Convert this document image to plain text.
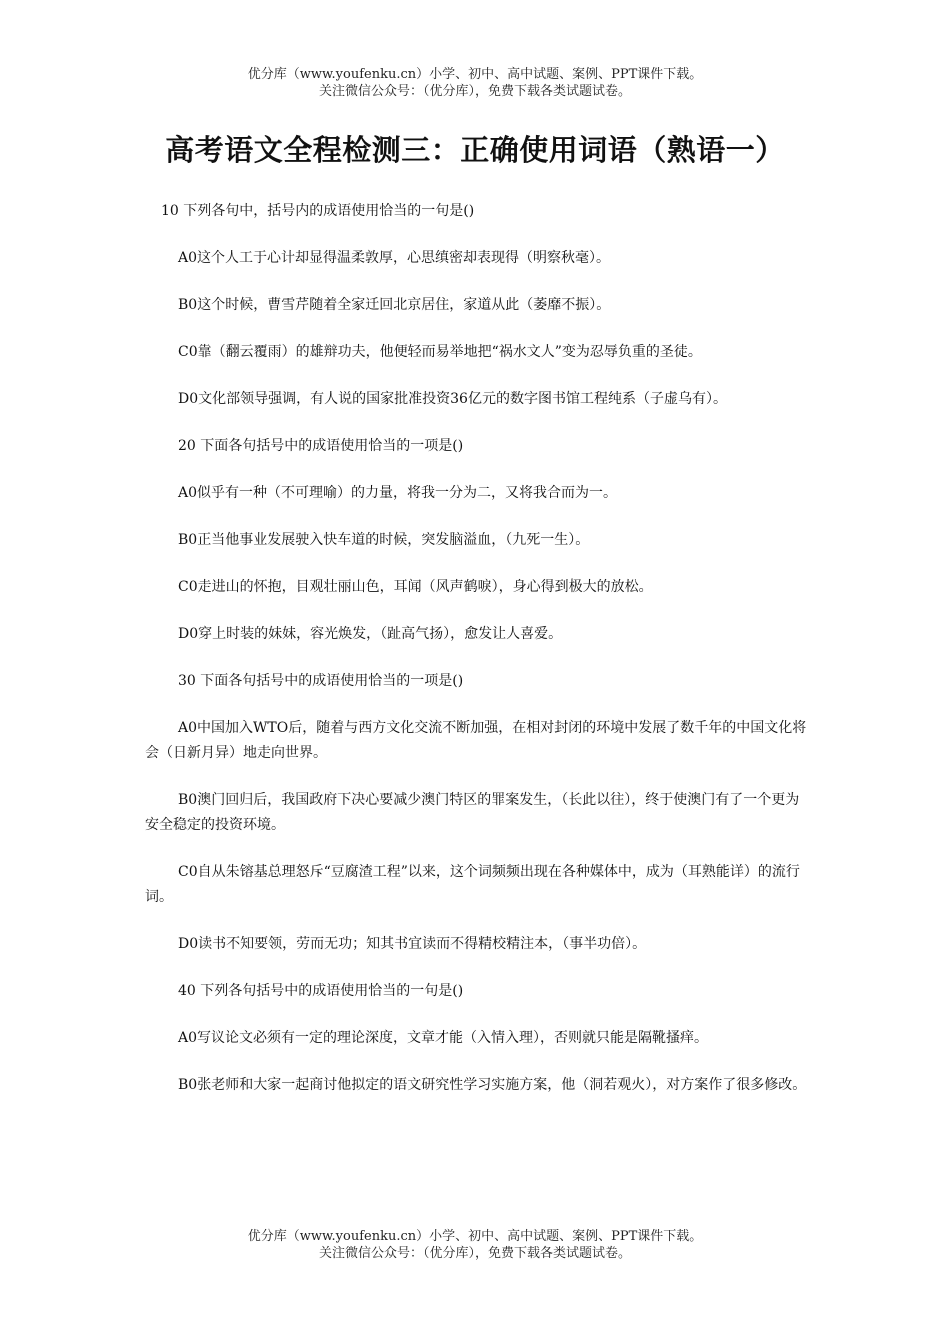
优分库（www.youfenku.cn）小学、初中、高中试题、案例、PPT课件下载。
关注微信公众号：（优分库），免费下载各类试题试卷。
高考语文全程检测三：正确使用词语（熟语一）

10 下列各句中，括号内的成语使用恰当的一句是()

A0这个人工于心计却显得温柔敦厚，心思缜密却表现得（明察秋毫）。

B0这个时候，曹雪芹随着全家迁回北京居住，家道从此（萎靡不振）。

C0靠（翻云覆雨）的雄辩功夫，他便轻而易举地把“祸水文人”变为忍辱负重的圣徒。

D0文化部领导强调，有人说的国家批准投资36亿元的数字图书馆工程纯系（子虚乌有）。

20 下面各句括号中的成语使用恰当的一项是()

A0似乎有一种（不可理喻）的力量，将我一分为二，又将我合而为一。

B0正当他事业发展驶入快车道的时候，突发脑溢血，（九死一生）。

C0走进山的怀抱，目观壮丽山色，耳闻（风声鹤唳），身心得到极大的放松。

D0穿上时装的妹妹，容光焕发，（趾高气扬），愈发让人喜爱。

30 下面各句括号中的成语使用恰当的一项是()

A0中国加入WTO后，随着与西方文化交流不断加强，在相对封闭的环境中发展了数千年的中国文化将会（日新月异）地走向世界。

B0澳门回归后，我国政府下决心要减少澳门特区的罪案发生，（长此以往），终于使澳门有了一个更为安全稳定的投资环境。

C0自从朱镕基总理怒斥“豆腐渣工程”以来，这个词频频出现在各种媒体中，成为（耳熟能详）的流行词。

D0读书不知要领，劳而无功；知其书宜读而不得精校精注本，（事半功倍）。

40 下列各句括号中的成语使用恰当的一句是()

A0写议论文必须有一定的理论深度，文章才能（入情入理），否则就只能是隔靴搔痒。

B0张老师和大家一起商讨他拟定的语文研究性学习实施方案，他（洞若观火），对方案作了很多修改。

优分库（www.youfenku.cn）小学、初中、高中试题、案例、PPT课件下载。
关注微信公众号：（优分库），免费下载各类试题试卷。
